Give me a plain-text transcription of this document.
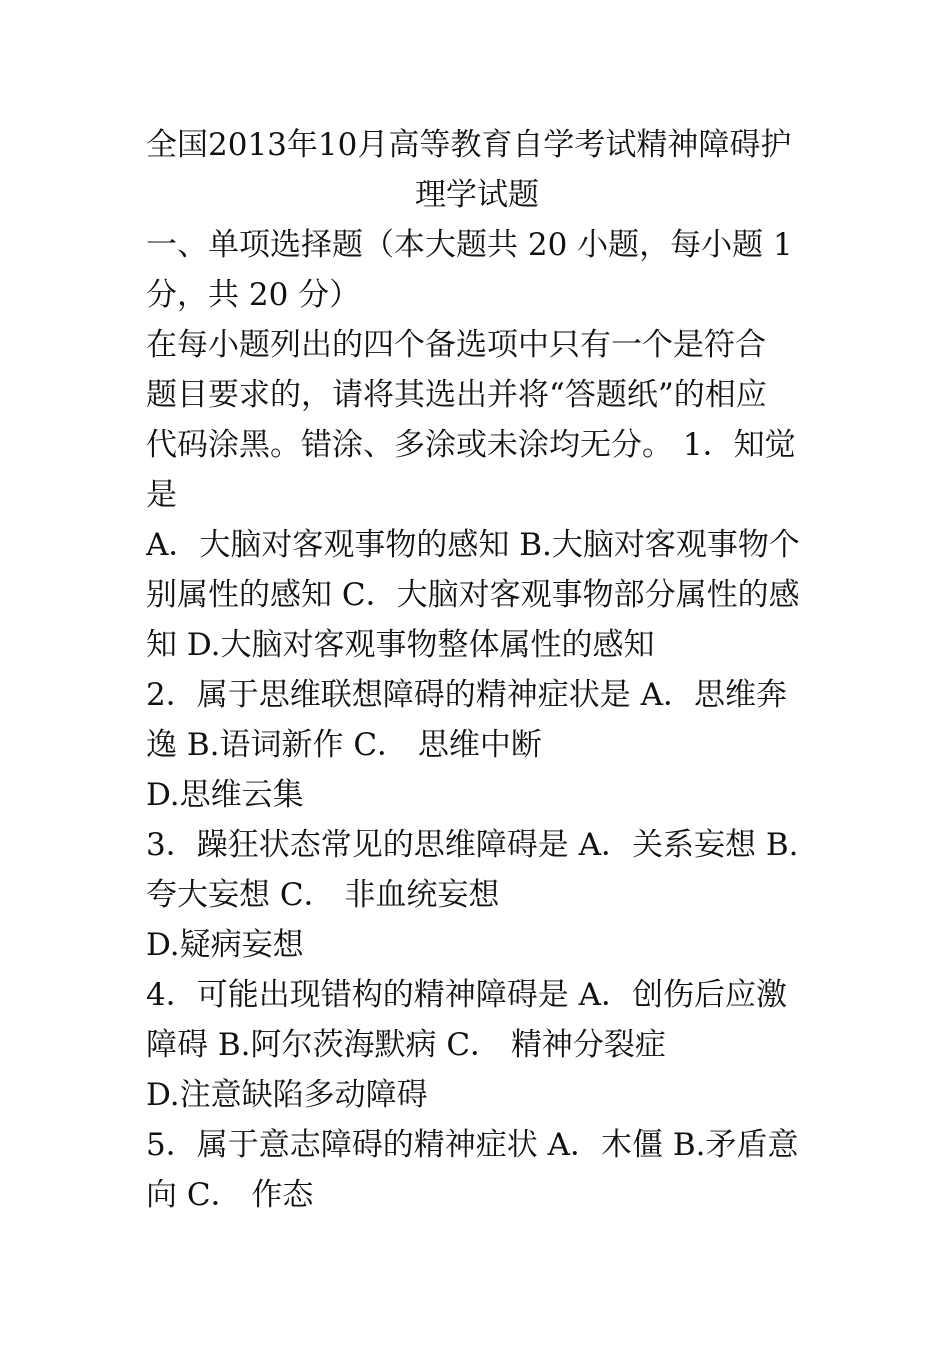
全国2013年10月高等教育自学考试精神障碍护
理学试题
一、单项选择题（本大题共 20 小题，每小题 1
分，共 20 分）
在每小题列出的四个备选项中只有一个是符合
题目要求的，请将其选出并将“答题纸”的相应
代码涂黑。错涂、多涂或未涂均无分。 1．知觉
是
A．大脑对客观事物的感知 B.大脑对客观事物个
别属性的感知 C．大脑对客观事物部分属性的感
知 D.大脑对客观事物整体属性的感知
2．属于思维联想障碍的精神症状是 A．思维奔
逸 B.语词新作 C． 思维中断
D.思维云集
3．躁狂状态常见的思维障碍是 A．关系妄想 B.
夸大妄想 C． 非血统妄想
D.疑病妄想
4．可能出现错构的精神障碍是 A．创伤后应激
障碍 B.阿尔茨海默病 C． 精神分裂症
D.注意缺陷多动障碍
5．属于意志障碍的精神症状 A．木僵 B.矛盾意
向 C． 作态
